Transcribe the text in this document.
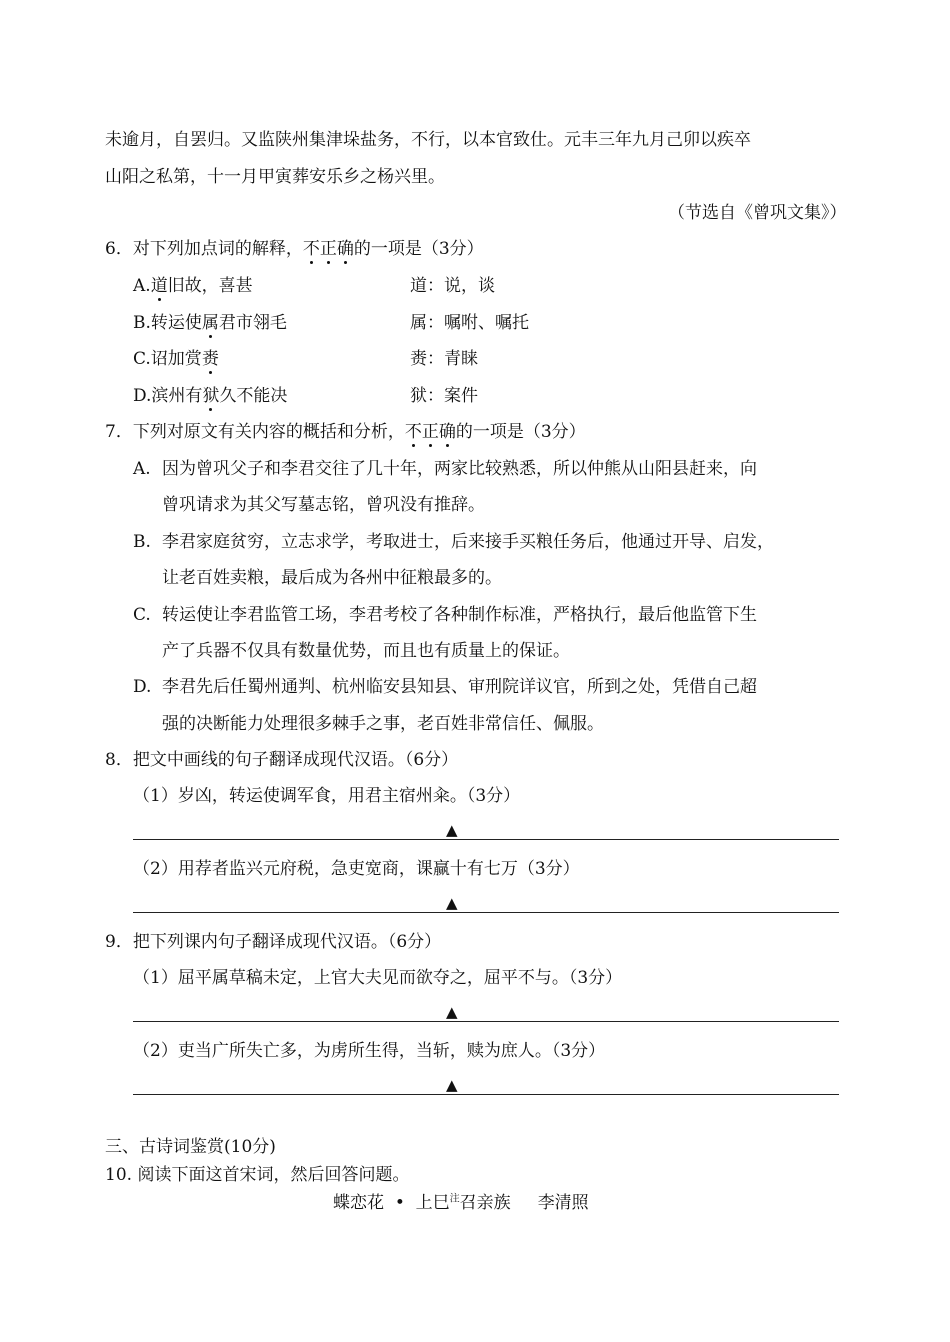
未逾月，自罢归。又监陕州集津垛盐务，不行，以本官致仕。元丰三年九月己卯以疾卒
山阳之私第，十一月甲寅葬安乐乡之杨兴里。
（节选自《曾巩文集》）
6．对下列加点词的解释，不正确的一项是（3分）
A.道旧故，喜甚	道：说，谈
B.转运使属君市翎毛	属：嘱咐、嘱托
C.诏加赏赉	赉：青睐
D.滨州有狱久不能决	狱：案件
7．下列对原文有关内容的概括和分析，不正确的一项是（3分）
A. 因为曾巩父子和李君交往了几十年，两家比较熟悉，所以仲熊从山阳县赶来，向
曾巩请求为其父写墓志铭，曾巩没有推辞。
B. 李君家庭贫穷，立志求学，考取进士，后来接手买粮任务后，他通过开导、启发，
让老百姓卖粮，最后成为各州中征粮最多的。
C. 转运使让李君监管工场，李君考校了各种制作标准，严格执行，最后他监管下生
产了兵器不仅具有数量优势，而且也有质量上的保证。
D. 李君先后任蜀州通判、杭州临安县知县、审刑院详议官，所到之处，凭借自己超
强的决断能力处理很多棘手之事，老百姓非常信任、佩服。
8．把文中画线的句子翻译成现代汉语。（6分）
（1）岁凶，转运使调军食，用君主宿州籴。（3分）
▲
（2）用荐者监兴元府税，急吏宽商，课赢十有七万（3分）
▲
9．把下列课内句子翻译成现代汉语。（6分）
（1）屈平属草稿未定，上官大夫见而欲夺之，屈平不与。（3分）
▲
（2）吏当广所失亡多，为虏所生得，当斩，赎为庶人。（3分）
▲
三、古诗词鉴赏(10分)
10. 阅读下面这首宋词，然后回答问题。
蝶恋花 • 上巳$^注$召亲族 李清照
